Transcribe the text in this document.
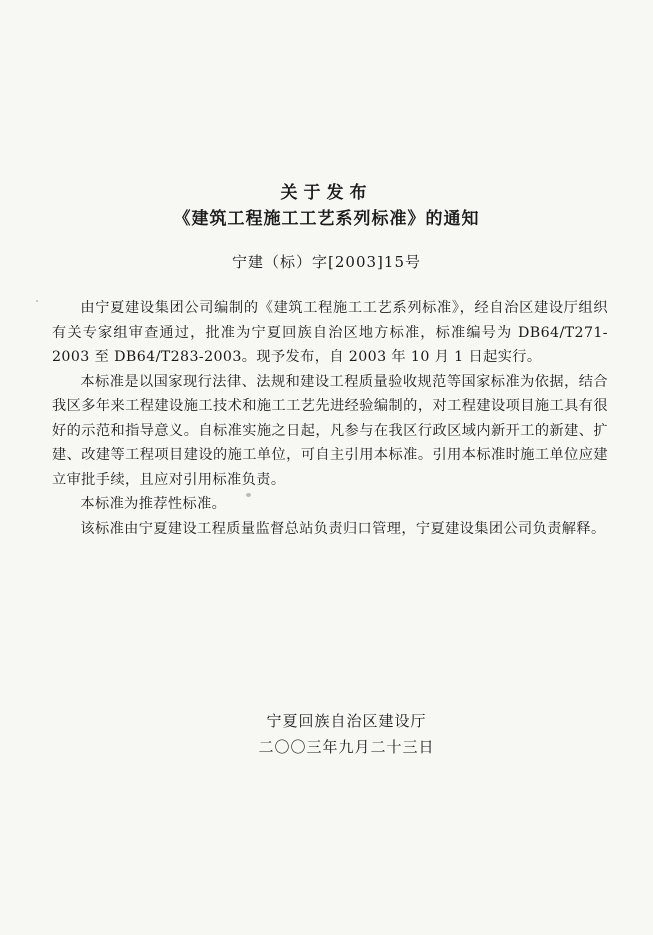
关于发布
《建筑工程施工工艺系列标准》的通知
宁建（标）字[2003]15号

由宁夏建设集团公司编制的《建筑工程施工工艺系列标准》，经自治区建设厅组织有关专家组审查通过，批准为宁夏回族自治区地方标准，标准编号为 DB64/T271-2003 至 DB64/T283-2003。现予发布，自 2003 年 10 月 1 日起实行。

本标准是以国家现行法律、法规和建设工程质量验收规范等国家标准为依据，结合我区多年来工程建设施工技术和施工工艺先进经验编制的，对工程建设项目施工具有很好的示范和指导意义。自标准实施之日起，凡参与在我区行政区域内新开工的新建、扩建、改建等工程项目建设的施工单位，可自主引用本标准。引用本标准时施工单位应建立审批手续，且应对引用标准负责。

本标准为推荐性标准。

该标准由宁夏建设工程质量监督总站负责归口管理，宁夏建设集团公司负责解释。

宁夏回族自治区建设厅
二〇〇三年九月二十三日
